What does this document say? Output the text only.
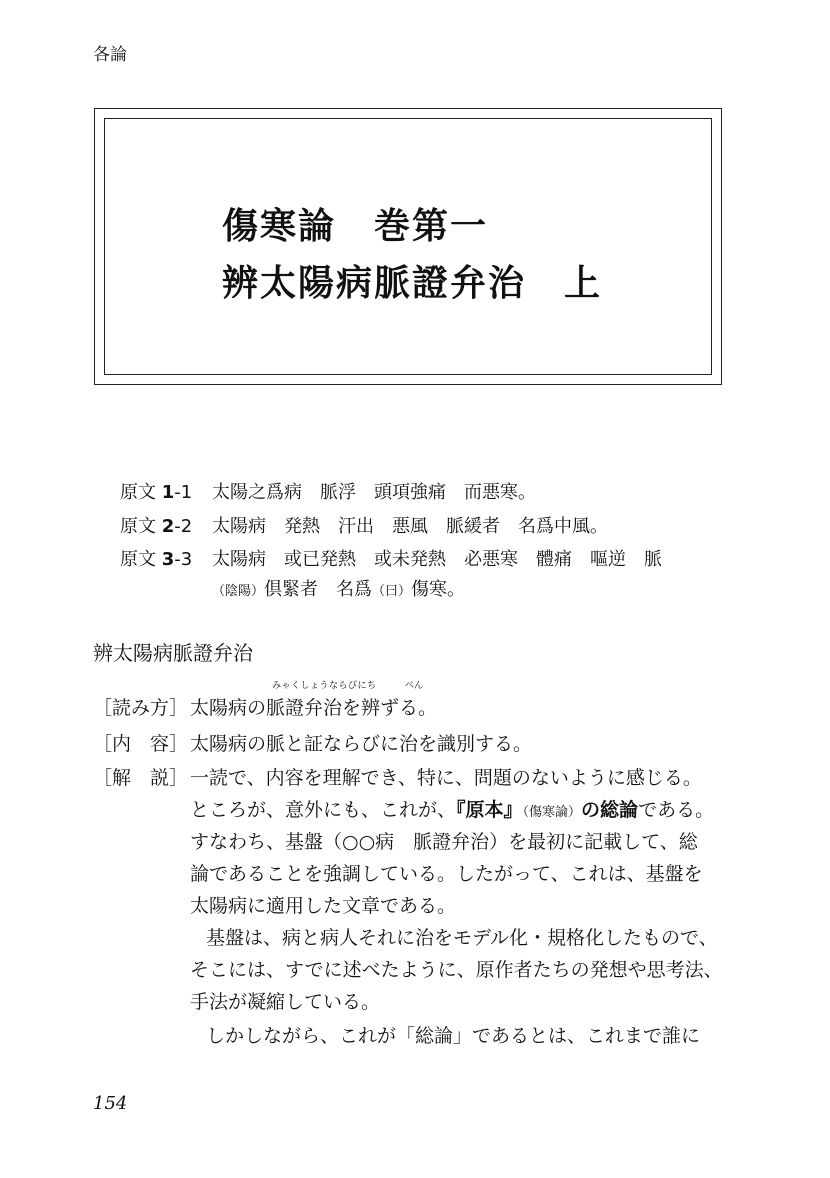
各論
傷寒論　巻第一
辨太陽病脈證弁治　上
原文 1-1 太陽之爲病　脈浮　頭項強痛　而悪寒。
原文 2-2 太陽病　発熱　汗出　悪風　脈緩者　名爲中風。
原文 3-3 太陽病　或已発熱　或未発熱　必悪寒　體痛　嘔逆　脈
（陰陽）倶緊者　名爲（曰）傷寒。
辨太陽病脈證弁治
みゃくしょうならびにち	べん
［読み方］
［内　容］
［解　説］
太陽病の脈證弁治を辨ずる。
太陽病の脈と証ならびに治を識別する。
一読で、内容を理解でき、特に、問題のないように感じる。
ところが、意外にも、これが、『原本』（傷寒論）の総論である。
すなわち、基盤（○○病　脈證弁治）を最初に記載して、総
論であることを強調している。したがって、これは、基盤を
太陽病に適用した文章である。
基盤は、病と病人それに治をモデル化・規格化したもので、
そこには、すでに述べたように、原作者たちの発想や思考法、
手法が凝縮している。
しかしながら、これが「総論」であるとは、これまで誰に
154
